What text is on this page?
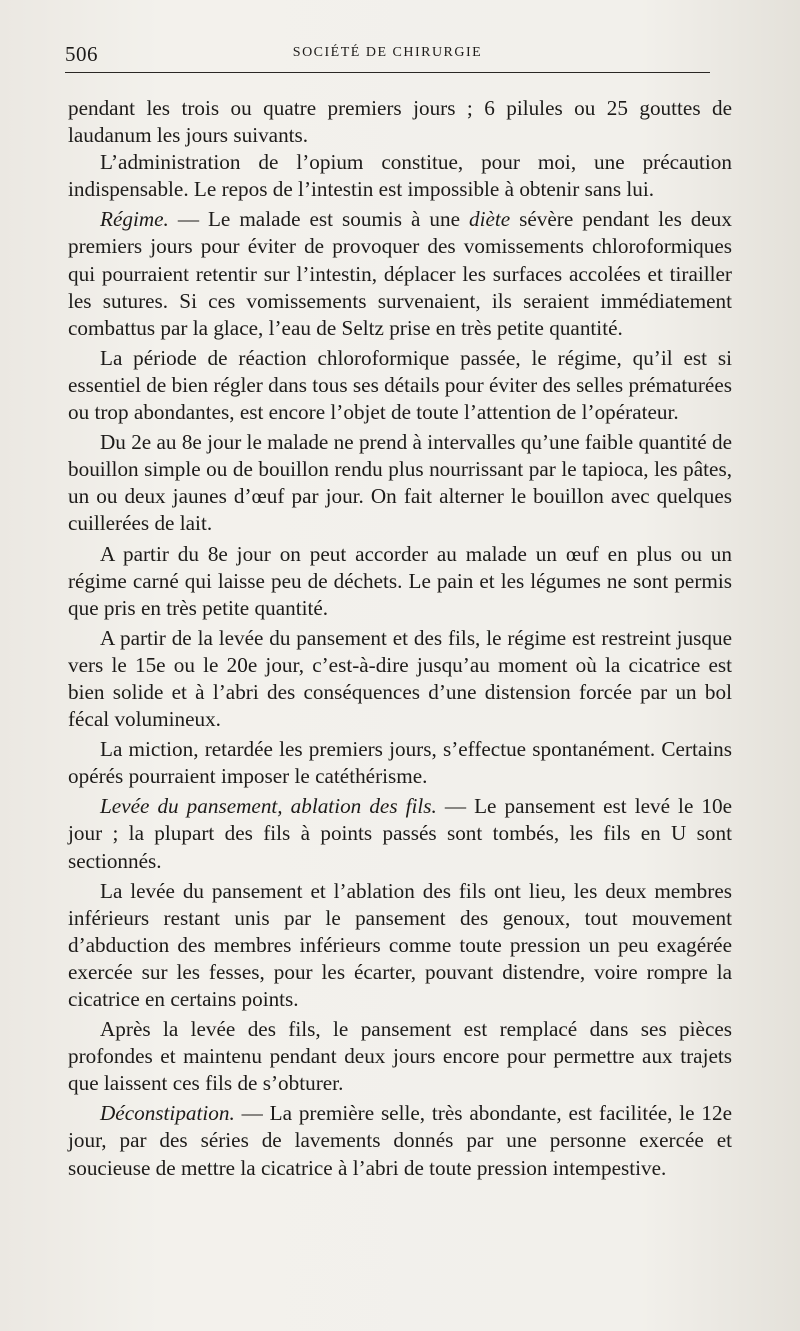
506	SOCIÉTÉ DE CHIRURGIE

pendant les trois ou quatre premiers jours ; 6 pilules ou 25 gouttes de laudanum les jours suivants.

L’administration de l’opium constitue, pour moi, une précaution indispensable. Le repos de l’intestin est impossible à obtenir sans lui.

Régime. — Le malade est soumis à une diète sévère pendant les deux premiers jours pour éviter de provoquer des vomissements chloroformiques qui pourraient retentir sur l’intestin, déplacer les surfaces accolées et tirailler les sutures. Si ces vomissements survenaient, ils seraient immédiatement combattus par la glace, l’eau de Seltz prise en très petite quantité.

La période de réaction chloroformique passée, le régime, qu’il est si essentiel de bien régler dans tous ses détails pour éviter des selles prématurées ou trop abondantes, est encore l’objet de toute l’attention de l’opérateur.

Du 2e au 8e jour le malade ne prend à intervalles qu’une faible quantité de bouillon simple ou de bouillon rendu plus nourrissant par le tapioca, les pâtes, un ou deux jaunes d’œuf par jour. On fait alterner le bouillon avec quelques cuillerées de lait.

A partir du 8e jour on peut accorder au malade un œuf en plus ou un régime carné qui laisse peu de déchets. Le pain et les légumes ne sont permis que pris en très petite quantité.

A partir de la levée du pansement et des fils, le régime est restreint jusque vers le 15e ou le 20e jour, c’est-à-dire jusqu’au moment où la cicatrice est bien solide et à l’abri des conséquences d’une distension forcée par un bol fécal volumineux.

La miction, retardée les premiers jours, s’effectue spontanément. Certains opérés pourraient imposer le catéthérisme.

Levée du pansement, ablation des fils. — Le pansement est levé le 10e jour ; la plupart des fils à points passés sont tombés, les fils en U sont sectionnés.

La levée du pansement et l’ablation des fils ont lieu, les deux membres inférieurs restant unis par le pansement des genoux, tout mouvement d’abduction des membres inférieurs comme toute pression un peu exagérée exercée sur les fesses, pour les écarter, pouvant distendre, voire rompre la cicatrice en certains points.

Après la levée des fils, le pansement est remplacé dans ses pièces profondes et maintenu pendant deux jours encore pour permettre aux trajets que laissent ces fils de s’obturer.

Déconstipation. — La première selle, très abondante, est facilitée, le 12e jour, par des séries de lavements donnés par une personne exercée et soucieuse de mettre la cicatrice à l’abri de toute pression intempestive.
